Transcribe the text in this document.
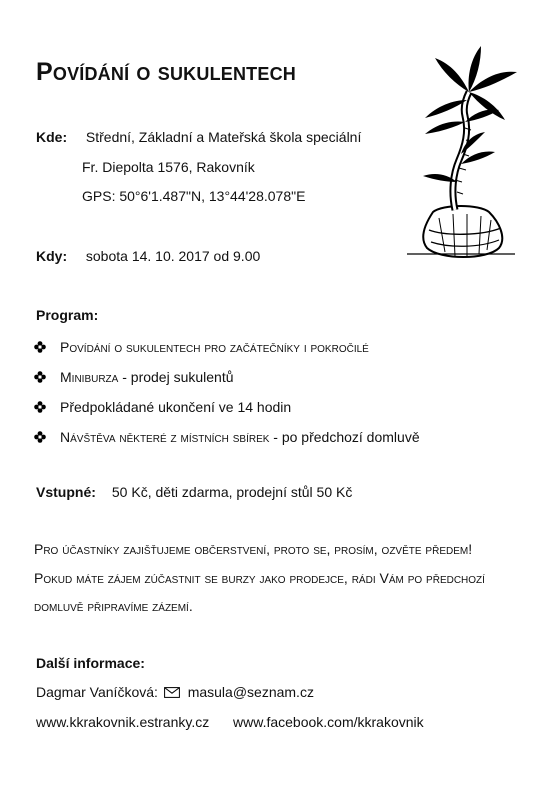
Povídání o sukulentech
Kde: Střední, Základní a Mateřská škola speciální
Fr. Diepolta 1576, Rakovník
GPS: 50°6'1.487"N, 13°44'28.078"E
Kdy: sobota 14. 10. 2017 od 9.00
Program:
Povídání o sukulentech pro začátečníky i pokročilé
Miniburza - prodej sukulentů
Předpokládané ukončení ve 14 hodin
Návštěva některé z místních sbírek - po předchozí domluvě
Vstupné: 50 Kč, děti zdarma, prodejní stůl 50 Kč
Pro účastníky zajišťujeme občerstvení, proto se, prosím, ozvěte předem!
Pokud máte zájem zúčastnit se burzy jako prodejce, rádi Vám po předchozí
domluvě připravíme zázemí.
Další informace:
Dagmar Vaníčková: masula@seznam.cz
www.kkrakovnik.estranky.cz www.facebook.com/kkrakovnik
